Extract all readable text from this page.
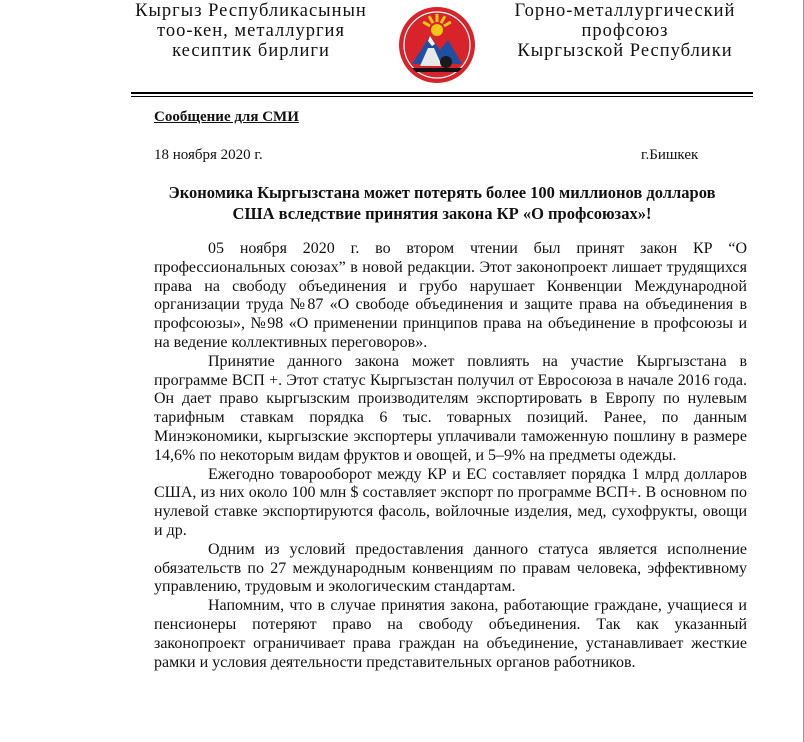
Кыргыз Республикасынын
тоо-кен, металлургия
кесиптик бирлиги
Горно-металлургический
профсоюз
Кыргызской Республики
Сообщение для СМИ
18 ноября 2020 г.	г.Бишкек
Экономика Кыргызстана может потерять более 100 миллионов долларов
США вследствие принятия закона КР «О профсоюзах»!

05 ноября 2020 г. во втором чтении был принят закон КР “О профессиональных союзах” в новой редакции. Этот законопроект лишает трудящихся права на свободу объединения и грубо нарушает Конвенции Международной организации труда №87 «О свободе объединения и защите права на объединения в профсоюзы», №98 «О применении принципов права на объединение в профсоюзы и на ведение коллективных переговоров».

Принятие данного закона может повлиять на участие Кыргызстана в программе ВСП +. Этот статус Кыргызстан получил от Евросоюза в начале 2016 года. Он дает право кыргызским производителям экспортировать в Европу по нулевым тарифным ставкам порядка 6 тыс. товарных позиций. Ранее, по данным Минэкономики, кыргызские экспортеры уплачивали таможенную пошлину в размере 14,6% по некоторым видам фруктов и овощей, и 5–9% на предметы одежды.

Ежегодно товарооборот между КР и ЕС составляет порядка 1 млрд долларов США, из них около 100 млн $ составляет экспорт по программе ВСП+. В основном по нулевой ставке экспортируются фасоль, войлочные изделия, мед, сухофрукты, овощи и др.

Одним из условий предоставления данного статуса является исполнение обязательств по 27 международным конвенциям по правам человека, эффективному управлению, трудовым и экологическим стандартам.

Напомним, что в случае принятия закона, работающие граждане, учащиеся и пенсионеры потеряют право на свободу объединения. Так как указанный законопроект ограничивает права граждан на объединение, устанавливает жесткие рамки и условия деятельности представительных органов работников.
